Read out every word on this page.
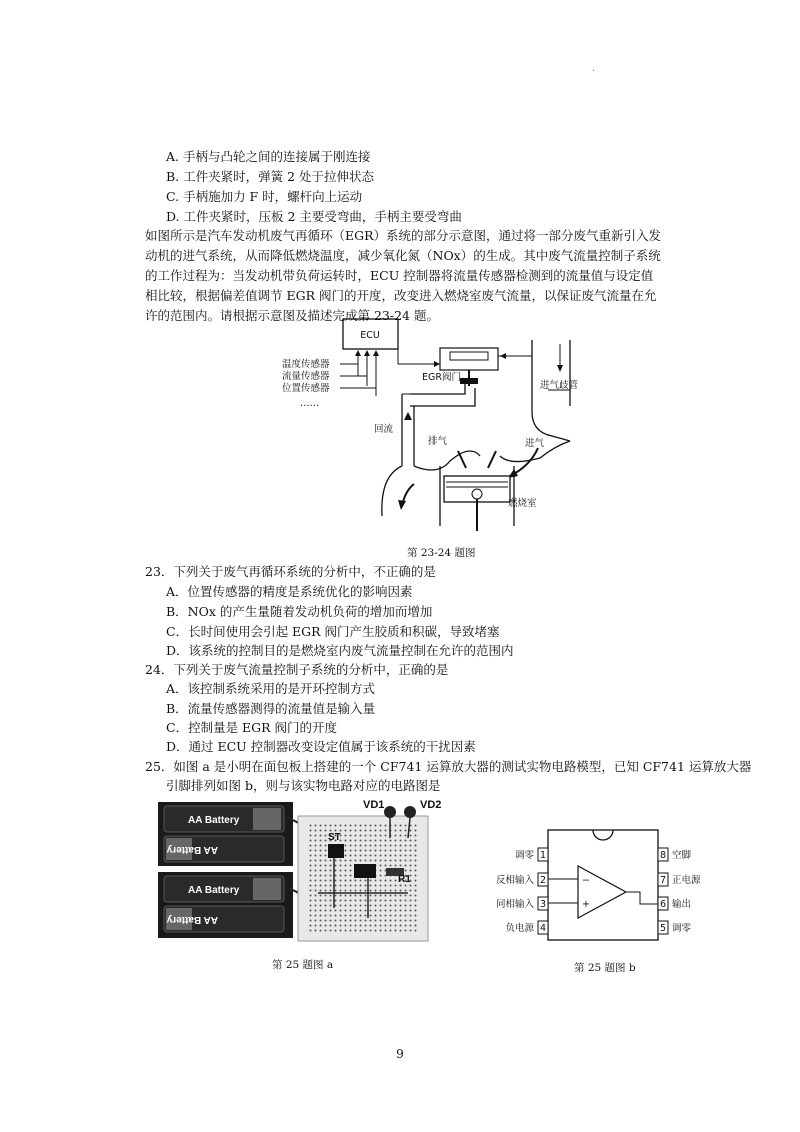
·
A. 手柄与凸轮之间的连接属于刚连接
B. 工件夹紧时，弹簧 2 处于拉伸状态
C. 手柄施加力 F 时，螺杆向上运动
D. 工件夹紧时，压板 2 主要受弯曲，手柄主要受弯曲
如图所示是汽车发动机废气再循环（EGR）系统的部分示意图，通过将一部分废气重新引入发动机的进气系统，从而降低燃烧温度，减少氧化氮（NOx）的生成。其中废气流量控制子系统的工作过程为：当发动机带负荷运转时，ECU 控制器将流量传感器检测到的流量值与设定值相比较，根据偏差值调节 EGR 阀门的开度，改变进入燃烧室废气流量，以保证废气流量在允许的范围内。请根据示意图及描述完成第 23-24 题。
ECU
温度传感器
流量传感器
位置传感器
……
EGR阀门
回流
进气歧管
排气	进气
燃烧室
第 23-24 题图
23．下列关于废气再循环系统的分析中，不正确的是
A．位置传感器的精度是系统优化的影响因素
B．NOx 的产生量随着发动机负荷的增加而增加
C．长时间使用会引起 EGR 阀门产生胶质和积碳，导致堵塞
D．该系统的控制目的是燃烧室内废气流量控制在允许的范围内
24．下列关于废气流量控制子系统的分析中，正确的是
A．该控制系统采用的是开环控制方式
B．流量传感器测得的流量值是输入量
C．控制量是 EGR 阀门的开度
D．通过 ECU 控制器改变设定值属于该系统的干扰因素
25．如图 a 是小明在面包板上搭建的一个 CF741 运算放大器的测试实物电路模型，已知 CF741 运算放大器
引脚排列如图 b，则与该实物电路对应的电路图是
AA Battery
AA Battery
AA Battery
AA Battery
VD1	VD2
ST
R1
第 25 题图 a
1
2
3
4
调零
反相输入
同相输入
负电源
8
7
6
5
空脚
正电源
输出
调零
−
+
第 25 题图 b
9
